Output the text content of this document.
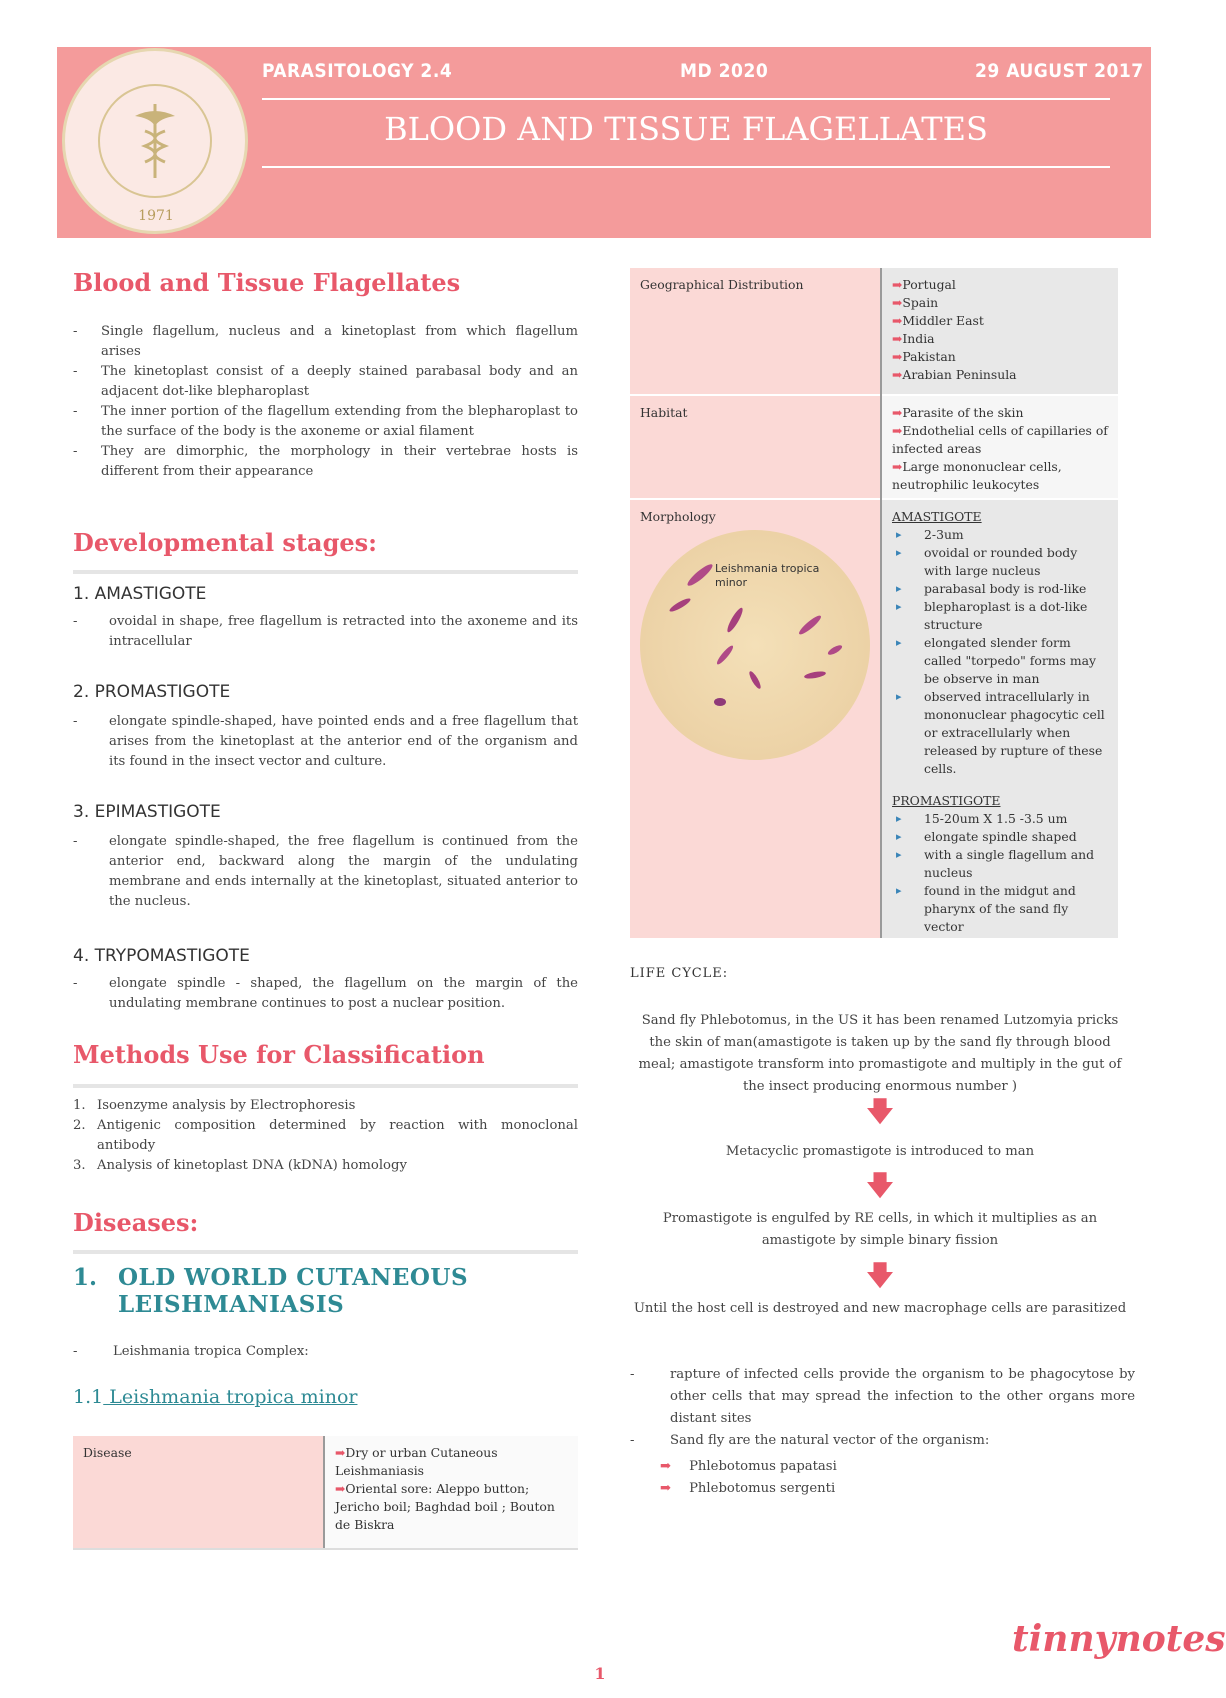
1971
PARASITOLOGY 2.4	MD 2020	29 AUGUST 2017
BLOOD AND TISSUE FLAGELLATES
Blood and Tissue Flagellates
- Single flagellum, nucleus and a kinetoplast from which flagellum arises
- The kinetoplast consist of a deeply stained parabasal body and an adjacent dot-like blepharoplast
- The inner portion of the flagellum extending from the blepharoplast to the surface of the body is the axoneme or axial filament
- They are dimorphic, the morphology in their vertebrae hosts is different from their appearance
Developmental stages:
1. AMASTIGOTE
- ovoidal in shape, free flagellum is retracted into the axoneme and its intracellular
2. PROMASTIGOTE
- elongate spindle-shaped, have pointed ends and a free flagellum that arises from the kinetoplast at the anterior end of the organism and its found in the insect vector and culture.
3. EPIMASTIGOTE
- elongate spindle-shaped, the free flagellum is continued from the anterior end, backward along the margin of the undulating membrane and ends internally at the kinetoplast, situated anterior to the nucleus.
4. TRYPOMASTIGOTE
- elongate spindle - shaped, the flagellum on the margin of the undulating membrane continues to post a nuclear position.
Methods Use for Classification
1. Isoenzyme analysis by Electrophoresis
2. Antigenic composition determined by reaction with monoclonal antibody
3. Analysis of kinetoplast DNA (kDNA) homology
Diseases:
1. OLD WORLD CUTANEOUS
LEISHMANIASIS
- Leishmania tropica Complex:
1.1 Leishmania tropica minor
Disease	➡Dry or urban Cutaneous Leishmaniasis
➡Oriental sore: Aleppo button; Jericho boil; Baghdad boil ; Bouton de Biskra
Geographical Distribution	➡Portugal
➡Spain
➡Middler East
➡India
➡Pakistan
➡Arabian Peninsula
Habitat	➡Parasite of the skin
➡Endothelial cells of capillaries of infected areas
➡Large mononuclear cells, neutrophilic leukocytes
Morphology
Leishmania tropica minor
AMASTIGOTE
▸ 2-3um
▸ ovoidal or rounded body with large nucleus
▸ parabasal body is rod-like
▸ blepharoplast is a dot-like structure
▸ elongated slender form called "torpedo" forms may be observe in man
▸ observed intracellularly in mononuclear phagocytic cell or extracellularly when released by rupture of these cells.
PROMASTIGOTE
▸ 15-20um X 1.5 -3.5 um
▸ elongate spindle shaped
▸ with a single flagellum and nucleus
▸ found in the midgut and pharynx of the sand fly vector
LIFE CYCLE:
Sand fly Phlebotomus, in the US it has been renamed Lutzomyia pricks the skin of man(amastigote is taken up by the sand fly through blood meal; amastigote transform into promastigote and multiply in the gut of the insect producing enormous number )
🡇
Metacyclic promastigote is introduced to man
🡇
Promastigote is engulfed by RE cells, in which it multiplies as an amastigote by simple binary fission
🡇
Until the host cell is destroyed and new macrophage cells are parasitized
- rapture of infected cells provide the organism to be phagocytose by other cells that may spread the infection to the other organs more distant sites
- Sand fly are the natural vector of the organism:
➡ Phlebotomus papatasi
➡ Phlebotomus sergenti
tinnynotes
1
